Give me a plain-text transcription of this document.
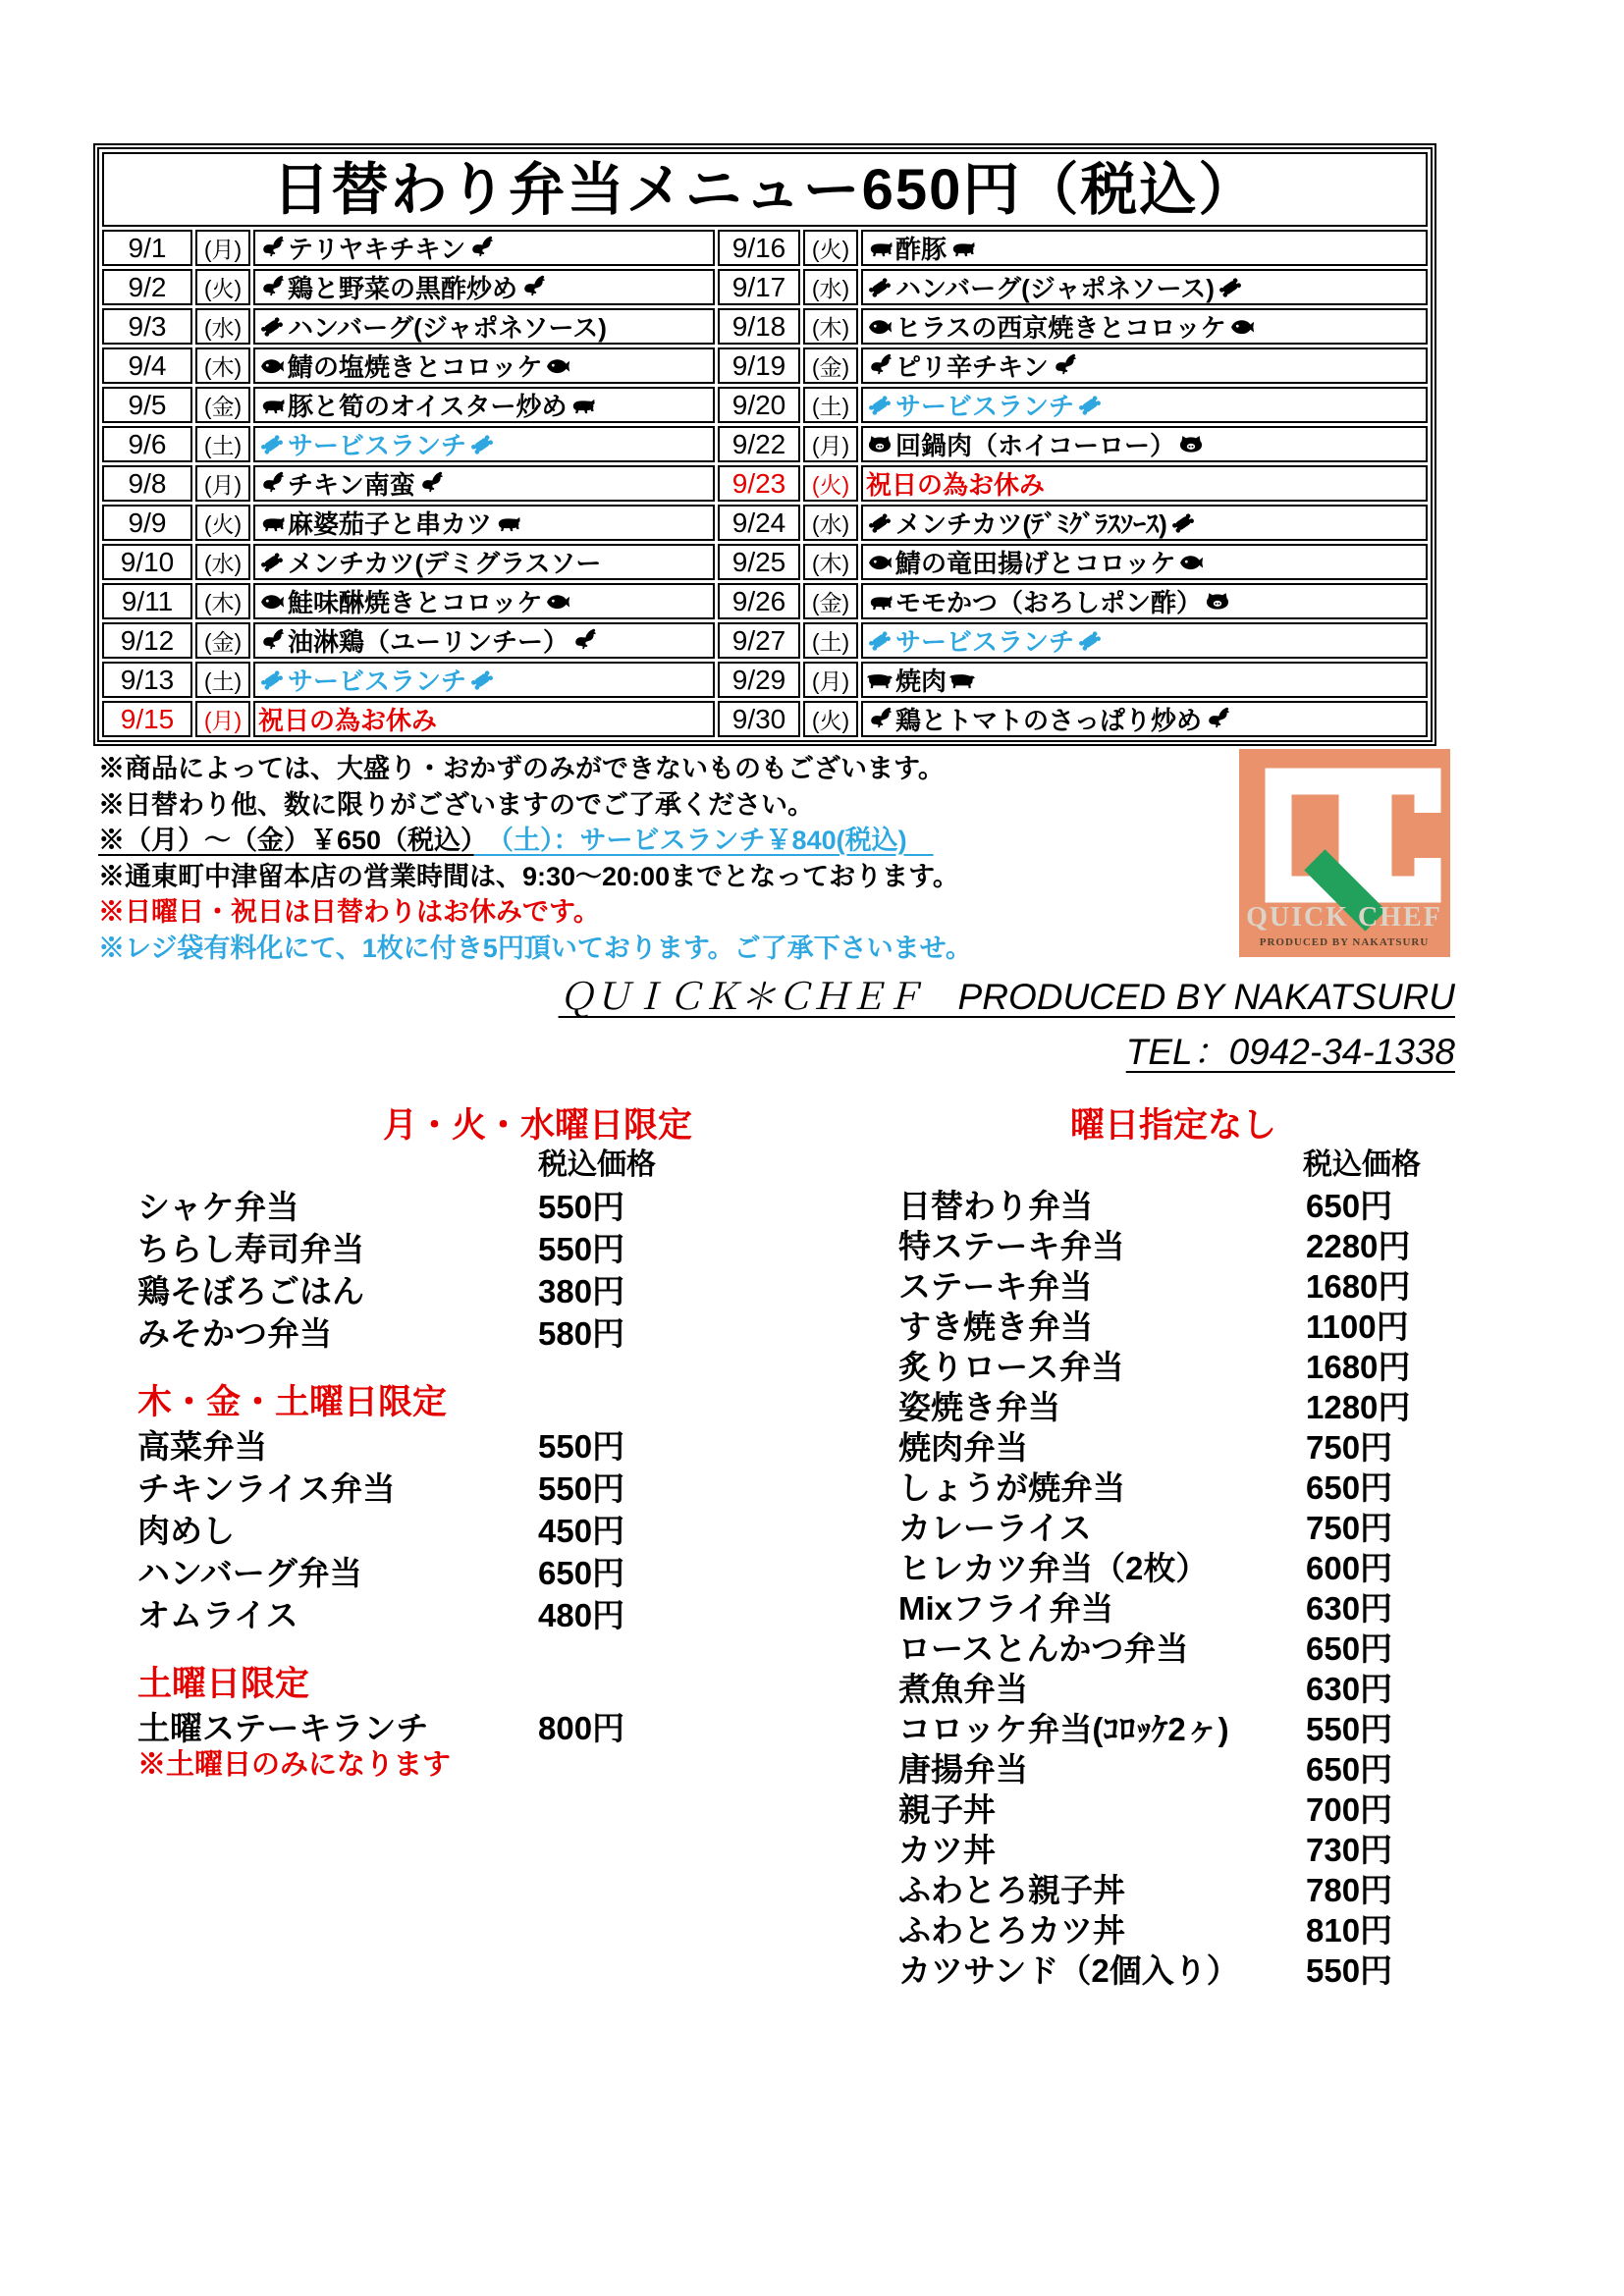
日替わり弁当メニュー650円（税込）
9/1	(月)	テリヤキチキン	9/16	(火)	酢豚
9/2	(火)	鶏と野菜の黒酢炒め	9/17	(水)	ハンバーグ(ジャポネソース)
9/3	(水)	ハンバーグ(ジャポネソース)	9/18	(木)	ヒラスの西京焼きとコロッケ
9/4	(木)	鯖の塩焼きとコロッケ	9/19	(金)	ピリ辛チキン
9/5	(金)	豚と筍のオイスター炒め	9/20	(土)	サービスランチ
9/6	(土)	サービスランチ	9/22	(月)	回鍋肉（ホイコーロー）
9/8	(月)	チキン南蛮	9/23	(火) 祝日の為お休み
9/9	(火)	麻婆茄子と串カツ	9/24	(水)	メンチカツ(ﾃﾞﾐｸﾞﾗｽｿｰｽ)
9/10	(水)	メンチカツ(デミグラスソー	9/25	(木)	鯖の竜田揚げとコロッケ
9/11	(木)	鮭味醂焼きとコロッケ	9/26	(金)	モモかつ（おろしポン酢）
9/12	(金)	油淋鶏（ユーリンチー）	9/27	(土)	サービスランチ
9/13	(土)	サービスランチ	9/29	(月)	焼肉
9/15	(月) 祝日の為お休み	9/30	(火)	鶏とトマトのさっぱり炒め
※商品によっては、大盛り・おかずのみができないものもございます。
※日替わり他、数に限りがございますのでご了承ください。
※（月）～（金）￥650（税込）　（土）：サービスランチ￥840(税込)　
※通東町中津留本店の営業時間は、9:30～20:00までとなっております。
※日曜日・祝日は日替わりはお休みです。
※レジ袋有料化にて、1枚に付き5円頂いております。ご了承下さいませ。
QUICK CHEF
PRODUCED BY NAKATSURU
ＱＵＩＣＫ＊ＣＨＥＦ　PRODUCED BY NAKATSURU
TEL：0942-34-1338
月・火・水曜日限定
税込価格
シャケ弁当	550円
ちらし寿司弁当	550円
鶏そぼろごはん	380円
みそかつ弁当	580円
木・金・土曜日限定
高菜弁当	550円
チキンライス弁当	550円
肉めし	450円
ハンバーグ弁当	650円
オムライス	480円
土曜日限定
土曜ステーキランチ	800円
※土曜日のみになります
曜日指定なし
税込価格
日替わり弁当	650円
特ステーキ弁当	2280円
ステーキ弁当	1680円
すき焼き弁当	1100円
炙りロース弁当	1680円
姿焼き弁当	1280円
焼肉弁当	750円
しょうが焼弁当	650円
カレーライス	750円
ヒレカツ弁当（2枚）	600円
Mixフライ弁当	630円
ロースとんかつ弁当	650円
煮魚弁当	630円
コロッケ弁当(ｺﾛｯｹ2ヶ)	550円
唐揚弁当	650円
親子丼	700円
カツ丼	730円
ふわとろ親子丼	780円
ふわとろカツ丼	810円
カツサンド（2個入り）	550円
